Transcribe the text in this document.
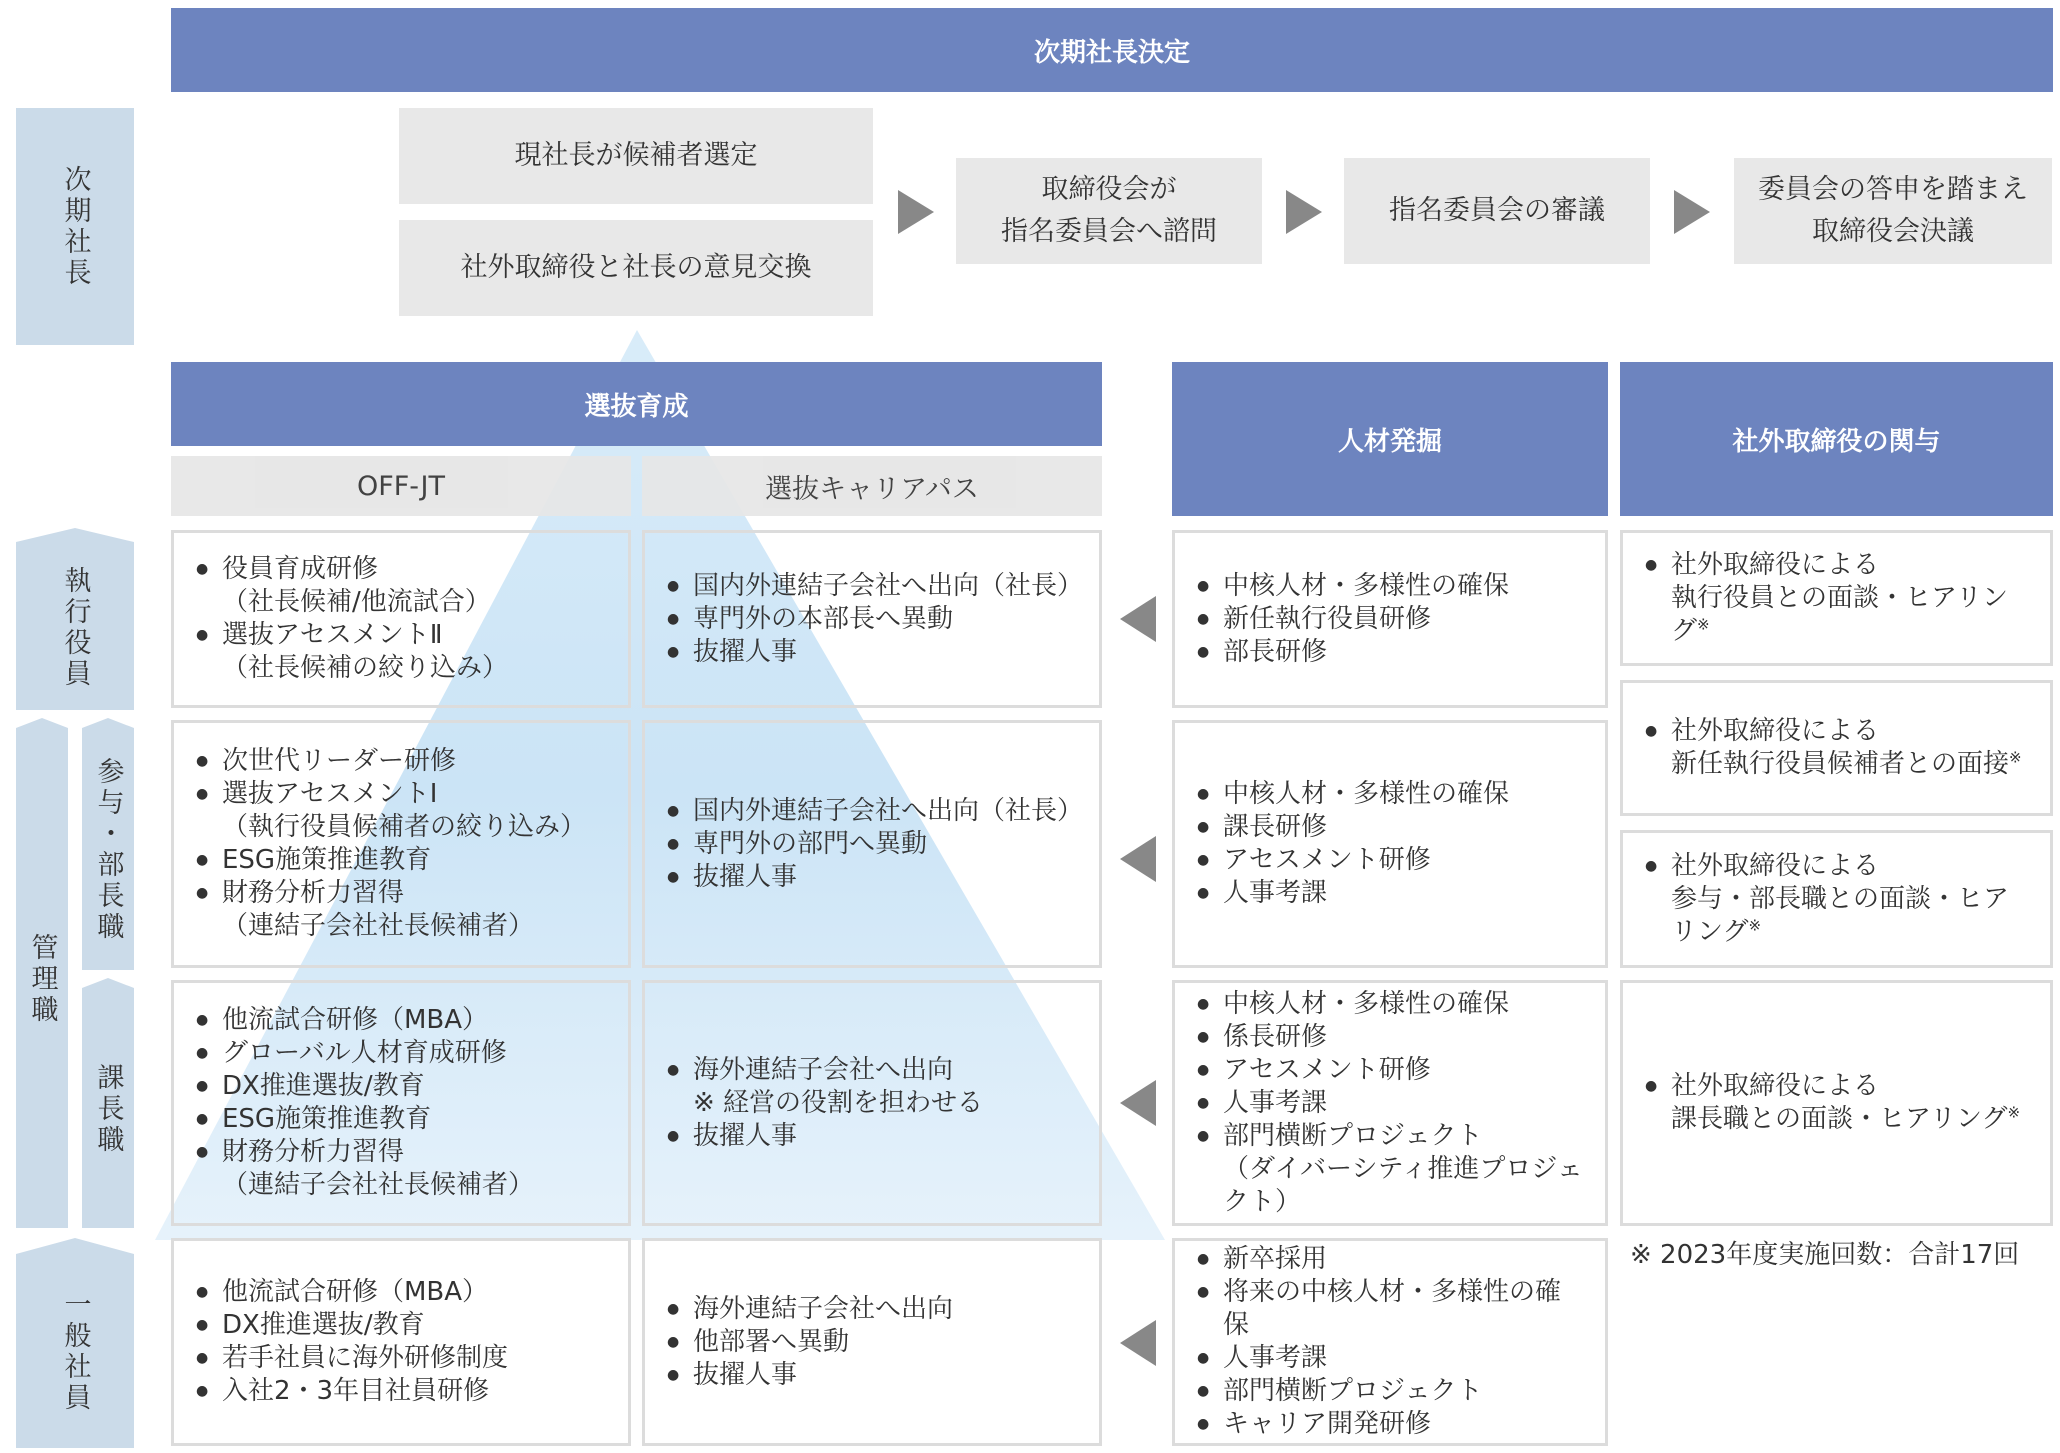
次期社長決定
次期社長
執行役員
管理職
参与・部長職
課長職
一般社員
現社長が候補者選定
社外取締役と社長の意見交換
取締役会が
指名委員会へ諮問
指名委員会の審議
委員会の答申を踏まえ
取締役会決議
選抜育成
OFF-JT	選抜キャリアパス
人材発掘	社外取締役の関与
● 役員育成研修
（社長候補/他流試合）
● 選抜アセスメントⅡ
（社長候補の絞り込み）
● 次世代リーダー研修
● 選抜アセスメントⅠ
（執行役員候補者の絞り込み）
● ESG施策推進教育
● 財務分析力習得
（連結子会社社長候補者）
● 他流試合研修（MBA）
● グローバル人材育成研修
● DX推進選抜/教育
● ESG施策推進教育
● 財務分析力習得
（連結子会社社長候補者）
● 他流試合研修（MBA）
● DX推進選抜/教育
● 若手社員に海外研修制度
● 入社2・3年目社員研修
● 国内外連結子会社へ出向（社長）
● 専門外の本部長へ異動
● 抜擢人事
● 国内外連結子会社へ出向（社長）
● 専門外の部門へ異動
● 抜擢人事
● 海外連結子会社へ出向
※ 経営の役割を担わせる
● 抜擢人事
● 海外連結子会社へ出向
● 他部署へ異動
● 抜擢人事
● 中核人材・多様性の確保
● 新任執行役員研修
● 部長研修
● 中核人材・多様性の確保
● 課長研修
● アセスメント研修
● 人事考課
● 中核人材・多様性の確保
● 係長研修
● アセスメント研修
● 人事考課
● 部門横断プロジェクト
（ダイバーシティ推進プロジェクト）
● 新卒採用
● 将来の中核人材・多様性の確保
● 人事考課
● 部門横断プロジェクト
● キャリア開発研修
● 社外取締役による
執行役員との面談・ヒアリング※
● 社外取締役による
新任執行役員候補者との面接※
● 社外取締役による
参与・部長職との面談・ヒアリング※
● 社外取締役による
課長職との面談・ヒアリング※
※ 2023年度実施回数：合計17回
